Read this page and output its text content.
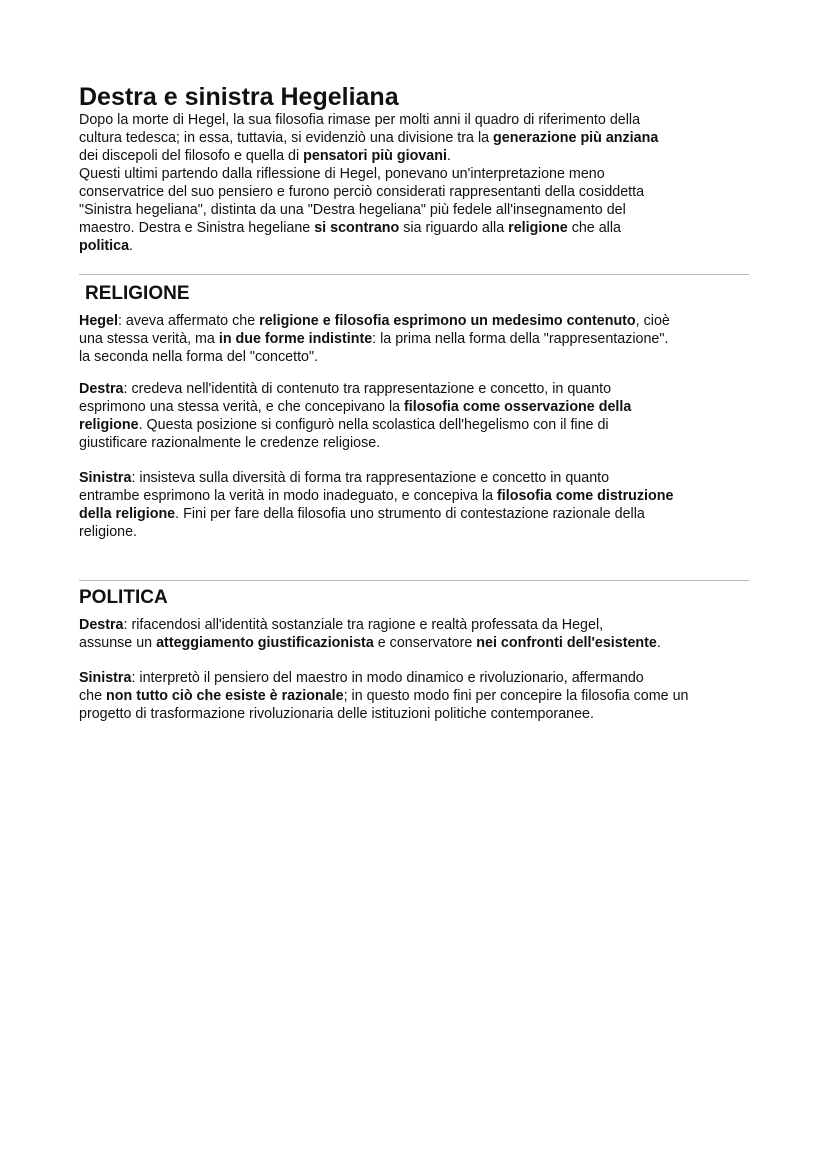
Destra e sinistra Hegeliana
Dopo la morte di Hegel, la sua filosofia rimase per molti anni il quadro di riferimento della
cultura tedesca; in essa, tuttavia, si evidenziò una divisione tra la generazione più anziana
dei discepoli del filosofo e quella di pensatori più giovani.
Questi ultimi partendo dalla riflessione di Hegel, ponevano un'interpretazione meno
conservatrice del suo pensiero e furono perciò considerati rappresentanti della cosiddetta
"Sinistra hegeliana", distinta da una "Destra hegeliana" più fedele all'insegnamento del
maestro. Destra e Sinistra hegeliane si scontrano sia riguardo alla religione che alla
politica.
RELIGIONE
Hegel: aveva affermato che religione e filosofia esprimono un medesimo contenuto, cioè
una stessa verità, ma in due forme indistinte: la prima nella forma della "rappresentazione".
la seconda nella forma del "concetto".
Destra: credeva nell'identità di contenuto tra rappresentazione e concetto, in quanto
esprimono una stessa verità, e che concepivano la filosofia come osservazione della
religione. Questa posizione si configurò nella scolastica dell'hegelismo con il fine di
giustificare razionalmente le credenze religiose.
Sinistra: insisteva sulla diversità di forma tra rappresentazione e concetto in quanto
entrambe esprimono la verità in modo inadeguato, e concepiva la filosofia come distruzione
della religione. Fini per fare della filosofia uno strumento di contestazione razionale della
religione.
POLITICA
Destra: rifacendosi all'identità sostanziale tra ragione e realtà professata da Hegel,
assunse un atteggiamento giustificazionista e conservatore nei confronti dell'esistente.
Sinistra: interpretò il pensiero del maestro in modo dinamico e rivoluzionario, affermando
che non tutto ciò che esiste è razionale; in questo modo fini per concepire la filosofia come un
progetto di trasformazione rivoluzionaria delle istituzioni politiche contemporanee.
